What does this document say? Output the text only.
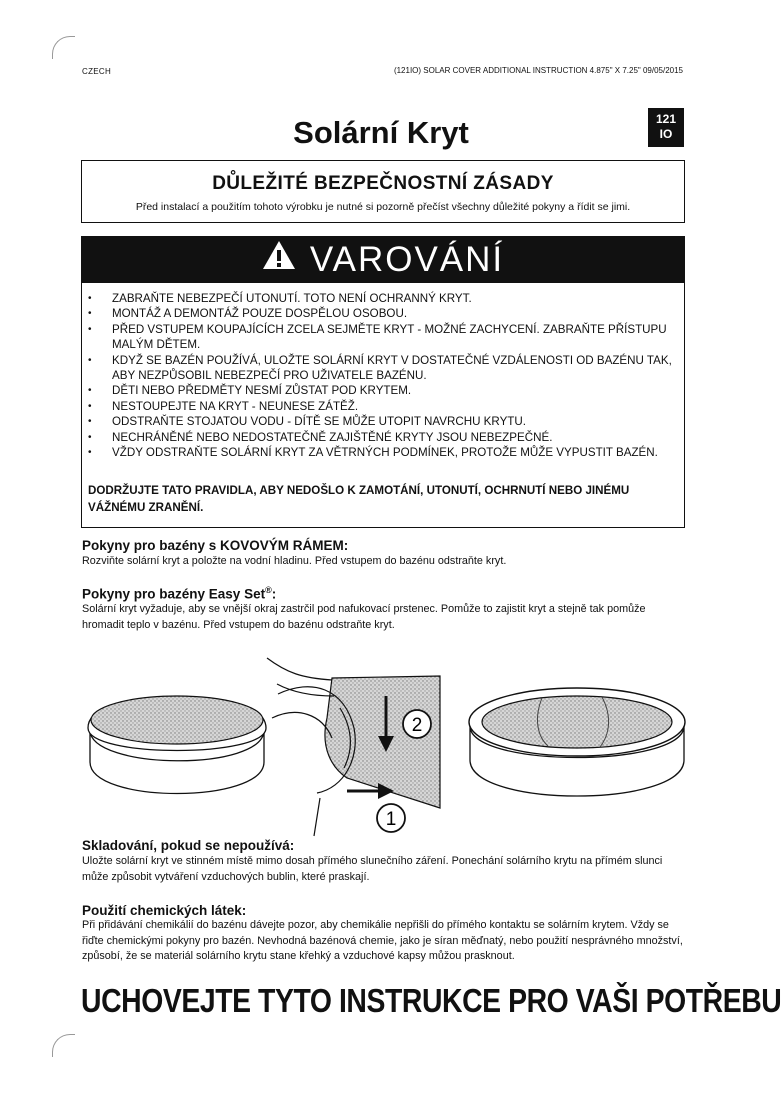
CZECH	(121IO) SOLAR COVER ADDITIONAL INSTRUCTION 4.875" X 7.25" 09/05/2015
Solární Kryt	121
IO
DŮLEŽITÉ BEZPEČNOSTNÍ ZÁSADY
Před instalací a použitím tohoto výrobku je nutné si pozorně přečíst všechny důležité pokyny a řídit se jimi.
VAROVÁNÍ
• ZABRAŇTE NEBEZPEČÍ UTONUTÍ. TOTO NENÍ OCHRANNÝ KRYT.
• MONTÁŽ A DEMONTÁŽ POUZE DOSPĚLOU OSOBOU.
• PŘED VSTUPEM KOUPAJÍCÍCH ZCELA SEJMĚTE KRYT - MOŽNÉ ZACHYCENÍ. ZABRAŇTE PŘÍSTUPU MALÝM DĚTEM.
• KDYŽ SE BAZÉN POUŽÍVÁ, ULOŽTE SOLÁRNÍ KRYT V DOSTATEČNÉ VZDÁLENOSTI OD BAZÉNU TAK, ABY NEZPŮSOBIL NEBEZPEČÍ PRO UŽIVATELE BAZÉNU.
• DĚTI NEBO PŘEDMĚTY NESMÍ ZŮSTAT POD KRYTEM.
• NESTOUPEJTE NA KRYT - NEUNESE ZÁTĚŽ.
• ODSTRAŇTE STOJATOU VODU - DÍTĚ SE MŮŽE UTOPIT NAVRCHU KRYTU.
• NECHRÁNĚNÉ NEBO NEDOSTATEČNĚ ZAJIŠTĚNÉ KRYTY JSOU NEBEZPEČNÉ.
• VŽDY ODSTRAŇTE SOLÁRNÍ KRYT ZA VĚTRNÝCH PODMÍNEK, PROTOŽE MŮŽE VYPUSTIT BAZÉN.
DODRŽUJTE TATO PRAVIDLA, ABY NEDOŠLO K ZAMOTÁNÍ, UTONUTÍ, OCHRNUTÍ NEBO JINÉMU VÁŽNÉMU ZRANĚNÍ.
Pokyny pro bazény s KOVOVÝM RÁMEM:
Rozviňte solární kryt a položte na vodní hladinu. Před vstupem do bazénu odstraňte kryt.
Pokyny pro bazény Easy Set®:
Solární kryt vyžaduje, aby se vnější okraj zastrčil pod nafukovací prstenec. Pomůže to zajistit kryt a stejně tak pomůže hromadit teplo v bazénu. Před vstupem do bazénu odstraňte kryt.
2
1
Skladování, pokud se nepoužívá:
Uložte solární kryt ve stinném místě mimo dosah přímého slunečního záření. Ponechání solárního krytu na přímém slunci může způsobit vytváření vzduchových bublin, které praskají.
Použití chemických látek:
Při přidávání chemikálií do bazénu dávejte pozor, aby chemikálie nepřišli do přímého kontaktu se solárním krytem. Vždy se řiďte chemickými pokyny pro bazén. Nevhodná bazénová chemie, jako je síran měďnatý, nebo použití nesprávného množství, způsobí, že se materiál solárního krytu stane křehký a vzduchové kapsy můžou prasknout.
UCHOVEJTE TYTO INSTRUKCE PRO VAŠI POTŘEBU
